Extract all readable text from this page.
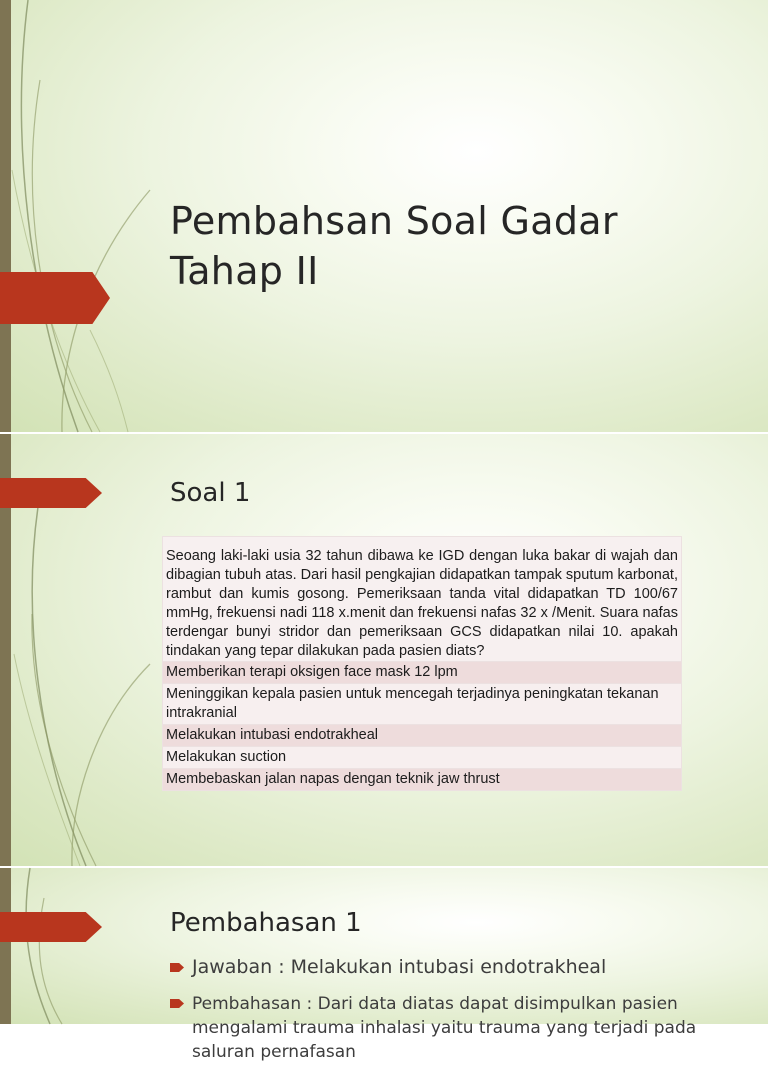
Pembahsan Soal Gadar Tahap II
Soal 1
Seoang laki-laki usia 32 tahun dibawa ke IGD dengan luka bakar di wajah dan dibagian tubuh atas. Dari hasil pengkajian didapatkan tampak sputum karbonat, rambut dan kumis gosong. Pemeriksaan tanda vital didapatkan TD 100/67 mmHg, frekuensi nadi 118 x.menit dan frekuensi nafas 32 x /Menit. Suara nafas terdengar bunyi stridor dan pemeriksaan GCS didapatkan nilai 10. apakah tindakan yang tepar dilakukan pada pasien diats?
Memberikan terapi oksigen face mask 12 lpm
Meninggikan kepala pasien untuk mencegah terjadinya peningkatan tekanan intrakranial
Melakukan intubasi endotrakheal
Melakukan suction
Membebaskan jalan napas dengan teknik jaw thrust
Pembahasan 1
Jawaban : Melakukan intubasi endotrakheal
Pembahasan : Dari data diatas dapat disimpulkan pasien mengalami trauma inhalasi yaitu trauma yang terjadi pada saluran pernafasan
